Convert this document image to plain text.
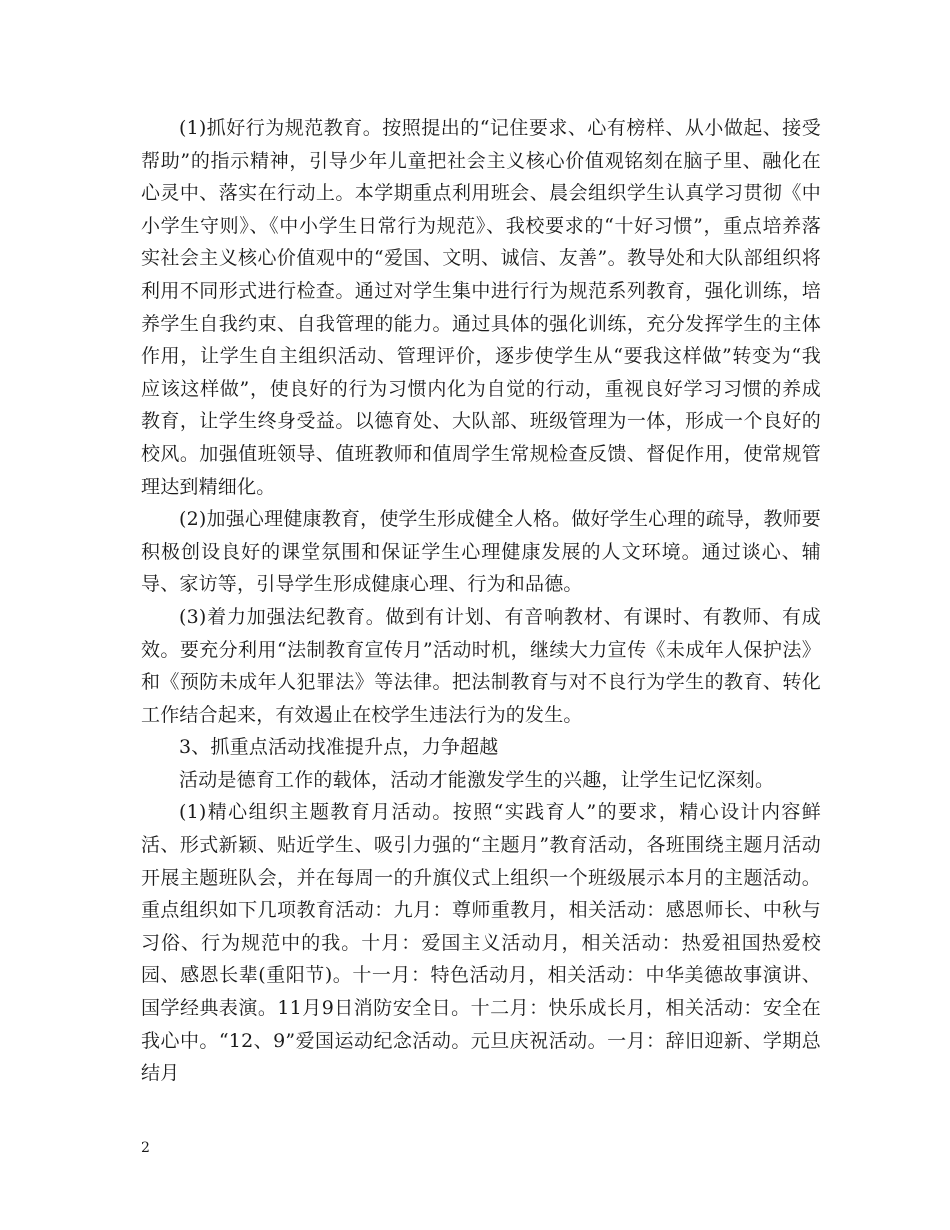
(1)抓好行为规范教育。按照提出的“记住要求、心有榜样、从小做起、接受帮助”的指示精神，引导少年儿童把社会主义核心价值观铭刻在脑子里、融化在心灵中、落实在行动上。本学期重点利用班会、晨会组织学生认真学习贯彻《中小学生守则》、《中小学生日常行为规范》、我校要求的“十好习惯”，重点培养落实社会主义核心价值观中的“爱国、文明、诚信、友善”。教导处和大队部组织将利用不同形式进行检查。通过对学生集中进行行为规范系列教育，强化训练，培养学生自我约束、自我管理的能力。通过具体的强化训练，充分发挥学生的主体作用，让学生自主组织活动、管理评价，逐步使学生从“要我这样做”转变为“我应该这样做”，使良好的行为习惯内化为自觉的行动，重视良好学习习惯的养成教育，让学生终身受益。以德育处、大队部、班级管理为一体，形成一个良好的校风。加强值班领导、值班教师和值周学生常规检查反馈、督促作用，使常规管理达到精细化。

(2)加强心理健康教育，使学生形成健全人格。做好学生心理的疏导，教师要积极创设良好的课堂氛围和保证学生心理健康发展的人文环境。通过谈心、辅导、家访等，引导学生形成健康心理、行为和品德。

(3)着力加强法纪教育。做到有计划、有音响教材、有课时、有教师、有成效。要充分利用“法制教育宣传月”活动时机，继续大力宣传《未成年人保护法》和《预防未成年人犯罪法》等法律。把法制教育与对不良行为学生的教育、转化工作结合起来，有效遏止在校学生违法行为的发生。

3、抓重点活动找准提升点，力争超越

活动是德育工作的载体，活动才能激发学生的兴趣，让学生记忆深刻。

(1)精心组织主题教育月活动。按照“实践育人”的要求，精心设计内容鲜活、形式新颖、贴近学生、吸引力强的“主题月”教育活动，各班围绕主题月活动开展主题班队会，并在每周一的升旗仪式上组织一个班级展示本月的主题活动。重点组织如下几项教育活动：九月：尊师重教月，相关活动：感恩师长、中秋与习俗、行为规范中的我。十月：爱国主义活动月，相关活动：热爱祖国热爱校园、感恩长辈(重阳节)。十一月：特色活动月，相关活动：中华美德故事演讲、国学经典表演。11月9日消防安全日。十二月：快乐成长月，相关活动：安全在我心中。“12、9”爱国运动纪念活动。元旦庆祝活动。一月：辞旧迎新、学期总结月

2
